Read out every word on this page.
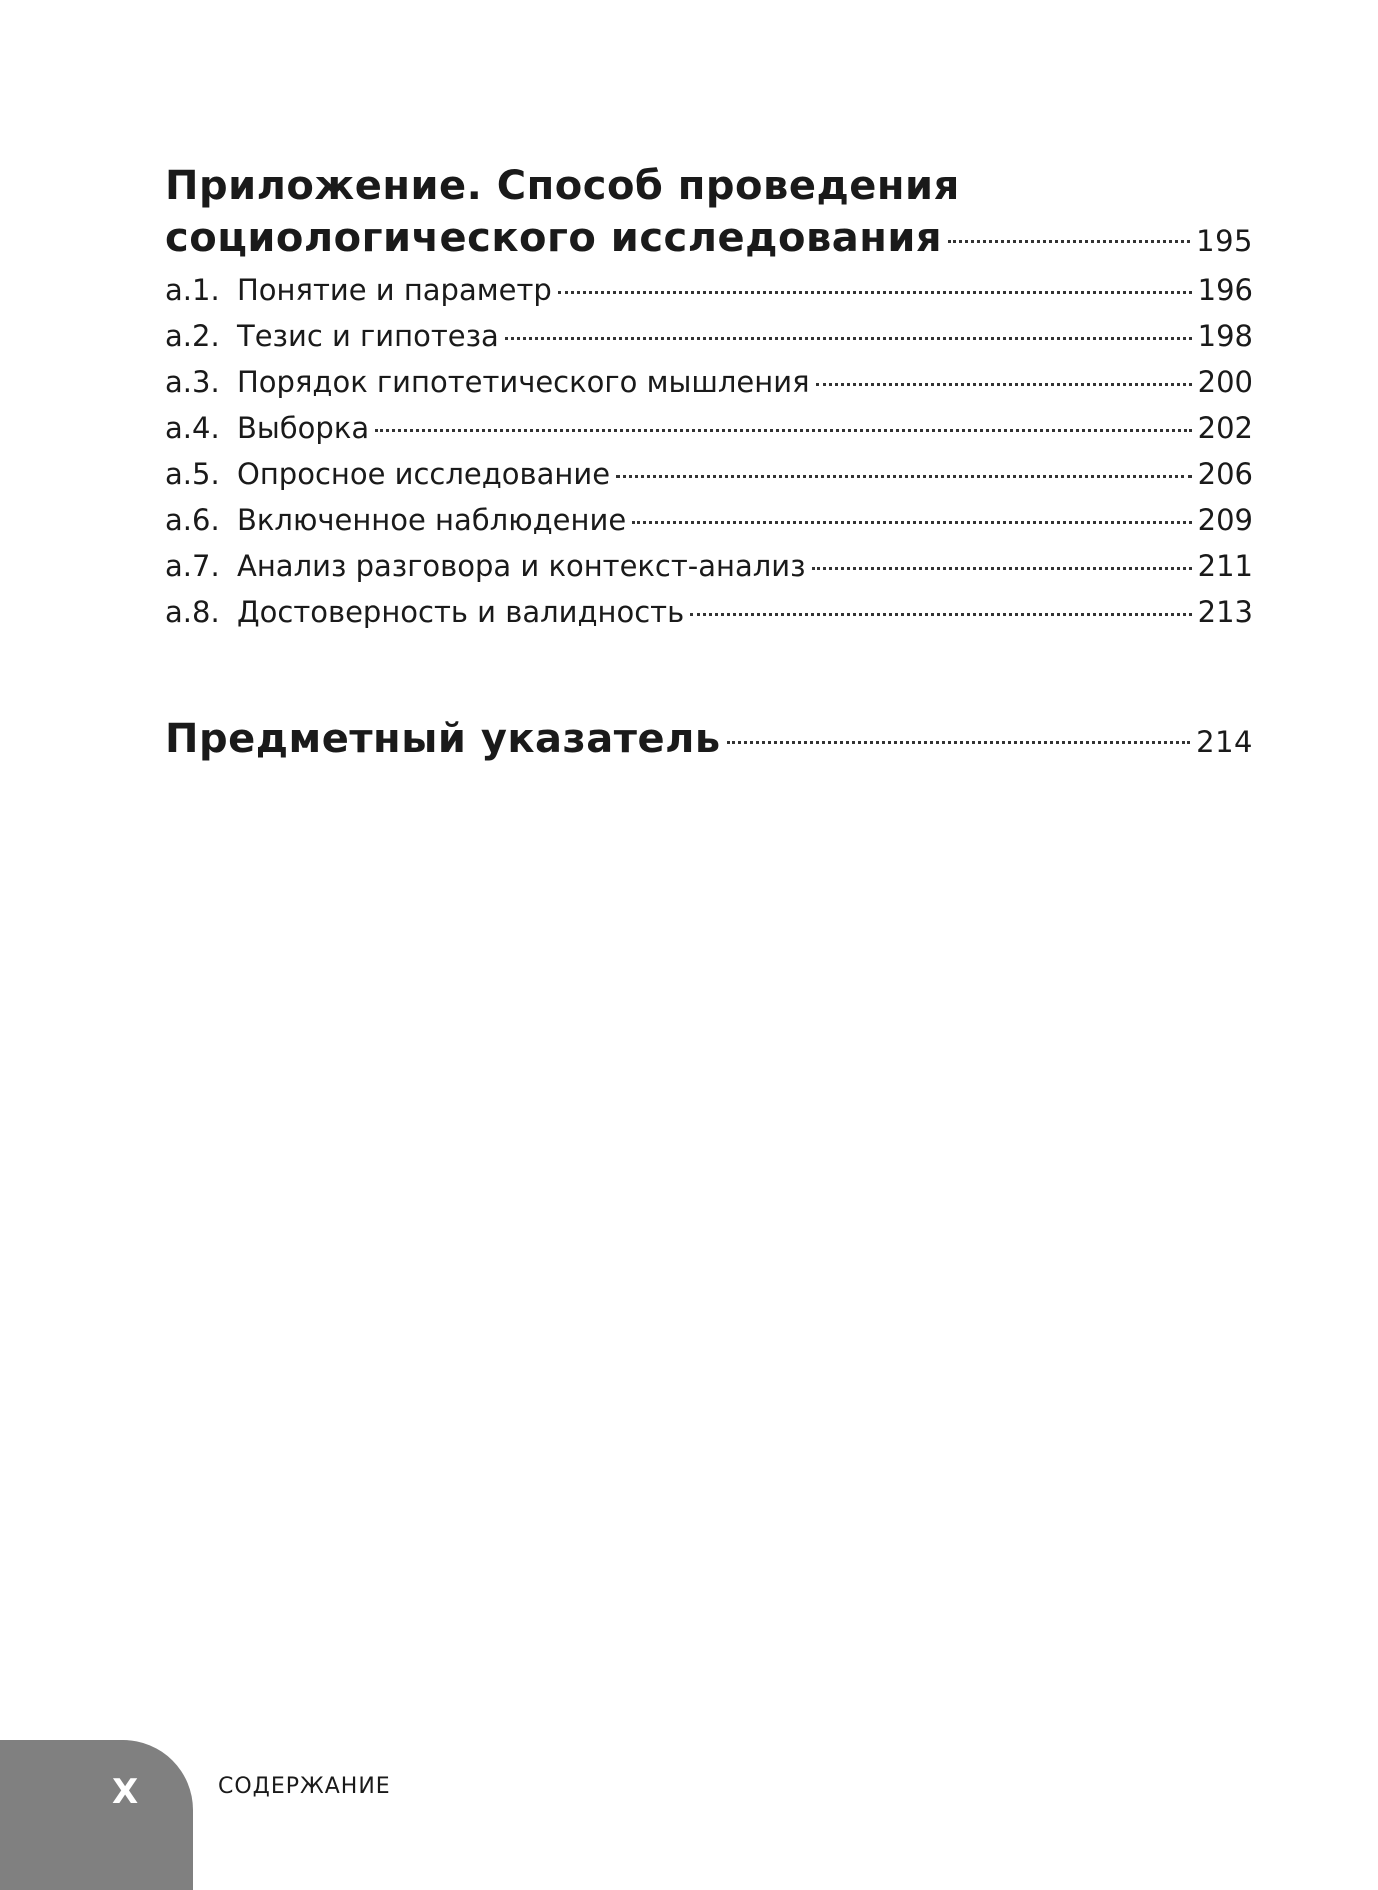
Приложение. Способ проведения
социологического исследования	195
а.1. Понятие и параметр	196
а.2. Тезис и гипотеза	198
а.3. Порядок гипотетического мышления	200
а.4. Выборка	202
а.5. Опросное исследование	206
а.6. Включенное наблюдение	209
а.7. Анализ разговора и контекст-анализ	211
а.8. Достоверность и валидность	213
Предметный указатель	214
X	СОДЕРЖАНИЕ
